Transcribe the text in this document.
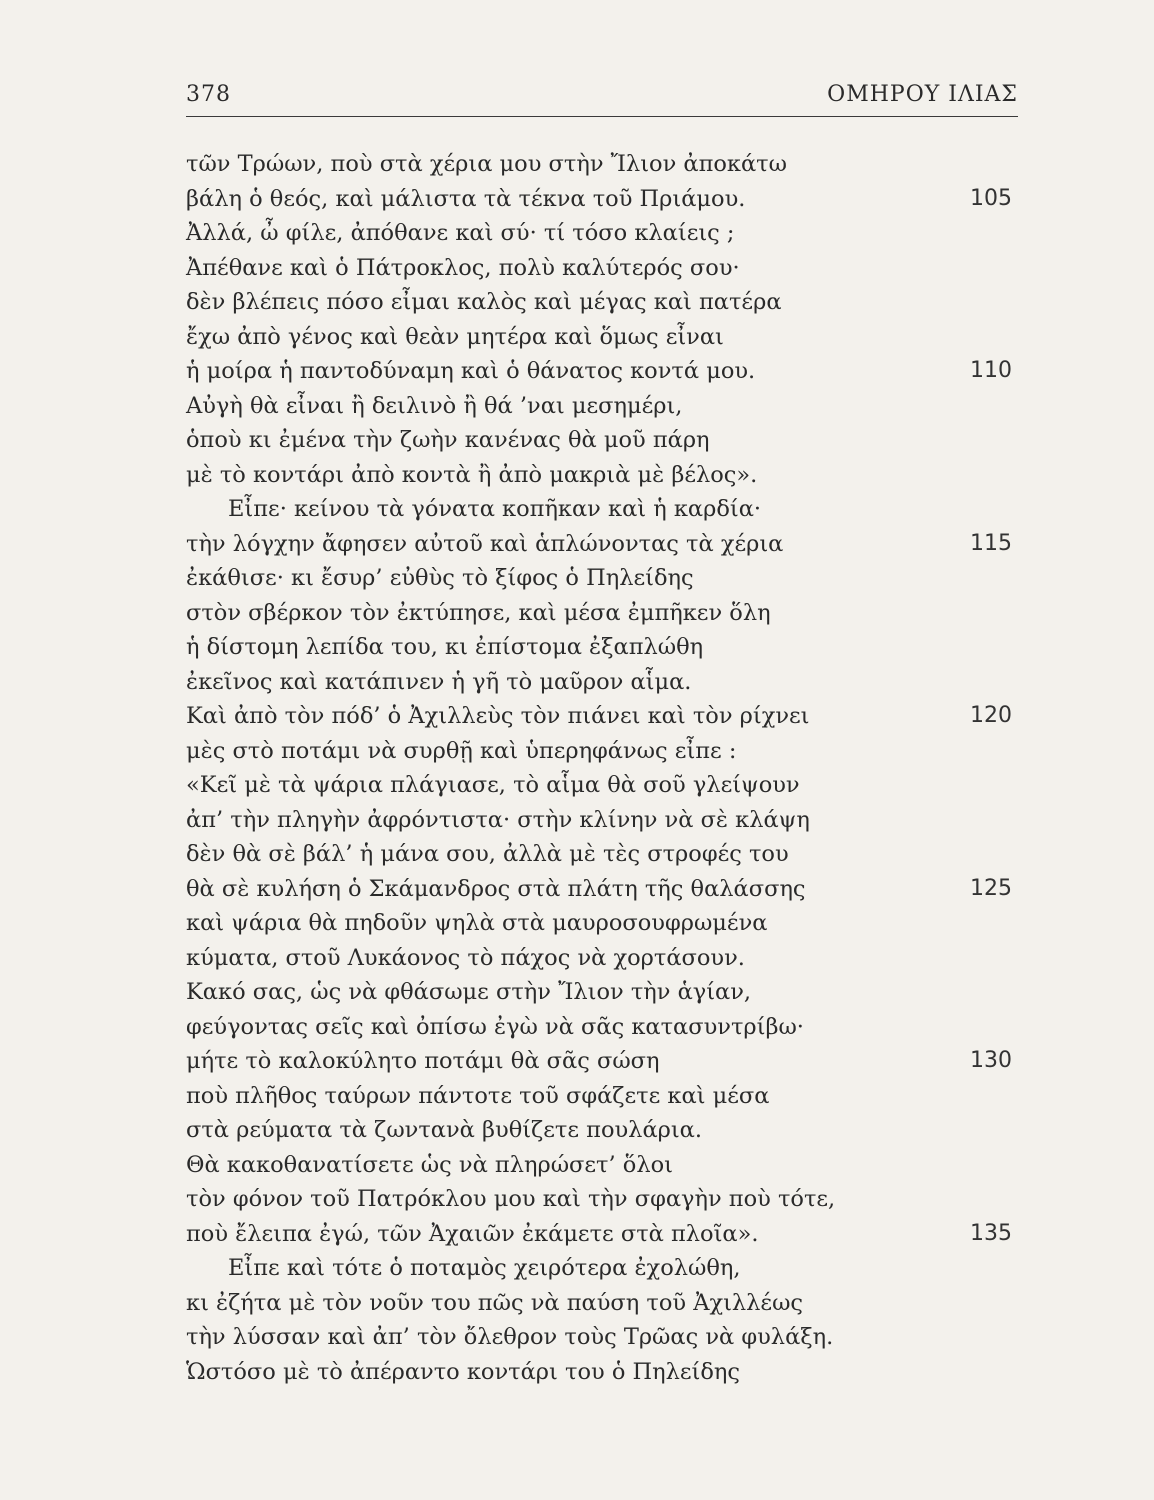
378	ΟΜΗΡΟΥ ΙΛΙΑΣ
τῶν Τρώων, ποὺ στὰ χέρια μου στὴν Ἴλιον ἀποκάτω
βάλη ὁ θεός, καὶ μάλιστα τὰ τέκνα τοῦ Πριάμου.	105
Ἀλλά, ὦ φίλε, ἀπόθανε καὶ σύ· τί τόσο κλαίεις ;
Ἀπέθανε καὶ ὁ Πάτροκλος, πολὺ καλύτερός σου·
δὲν βλέπεις πόσο εἶμαι καλὸς καὶ μέγας καὶ πατέρα
ἔχω ἀπὸ γένος καὶ θεὰν μητέρα καὶ ὅμως εἶναι
ἡ μοίρα ἡ παντοδύναμη καὶ ὁ θάνατος κοντά μου.	110
Αὐγὴ θὰ εἶναι ἢ δειλινὸ ἢ θά ’ναι μεσημέρι,
ὁποὺ κι ἐμένα τὴν ζωὴν κανένας θὰ μοῦ πάρη
μὲ τὸ κοντάρι ἀπὸ κοντὰ ἢ ἀπὸ μακριὰ μὲ βέλος».
Εἶπε· κείνου τὰ γόνατα κοπῆκαν καὶ ἡ καρδία·
τὴν λόγχην ἄφησεν αὐτοῦ καὶ ἁπλώνοντας τὰ χέρια	115
ἐκάθισε· κι ἔσυρ’ εὐθὺς τὸ ξίφος ὁ Πηλείδης
στὸν σβέρκον τὸν ἐκτύπησε, καὶ μέσα ἐμπῆκεν ὅλη
ἡ δίστομη λεπίδα του, κι ἐπίστομα ἐξαπλώθη
ἐκεῖνος καὶ κατάπινεν ἡ γῆ τὸ μαῦρον αἷμα.
Καὶ ἀπὸ τὸν πόδ’ ὁ Ἀχιλλεὺς τὸν πιάνει καὶ τὸν ρίχνει	120
μὲς στὸ ποτάμι νὰ συρθῇ καὶ ὑπερηφάνως εἶπε :
«Κεῖ μὲ τὰ ψάρια πλάγιασε, τὸ αἷμα θὰ σοῦ γλείψουν
ἀπ’ τὴν πληγὴν ἀφρόντιστα· στὴν κλίνην νὰ σὲ κλάψη
δὲν θὰ σὲ βάλ’ ἡ μάνα σου, ἀλλὰ μὲ τὲς στροφές του
θὰ σὲ κυλήση ὁ Σκάμανδρος στὰ πλάτη τῆς θαλάσσης	125
καὶ ψάρια θὰ πηδοῦν ψηλὰ στὰ μαυροσουφρωμένα
κύματα, στοῦ Λυκάονος τὸ πάχος νὰ χορτάσουν.
Κακό σας, ὡς νὰ φθάσωμε στὴν Ἴλιον τὴν ἁγίαν,
φεύγοντας σεῖς καὶ ὀπίσω ἐγὼ νὰ σᾶς κατασυντρίβω·
μήτε τὸ καλοκύλητο ποτάμι θὰ σᾶς σώση	130
ποὺ πλῆθος ταύρων πάντοτε τοῦ σφάζετε καὶ μέσα
στὰ ρεύματα τὰ ζωντανὰ βυθίζετε πουλάρια.
Θὰ κακοθανατίσετε ὡς νὰ πληρώσετ’ ὅλοι
τὸν φόνον τοῦ Πατρόκλου μου καὶ τὴν σφαγὴν ποὺ τότε,
ποὺ ἔλειπα ἐγώ, τῶν Ἀχαιῶν ἐκάμετε στὰ πλοῖα».	135
Εἶπε καὶ τότε ὁ ποταμὸς χειρότερα ἐχολώθη,
κι ἐζήτα μὲ τὸν νοῦν του πῶς νὰ παύση τοῦ Ἀχιλλέως
τὴν λύσσαν καὶ ἀπ’ τὸν ὄλεθρον τοὺς Τρῶας νὰ φυλάξη.
Ὡστόσο μὲ τὸ ἀπέραντο κοντάρι του ὁ Πηλείδης
